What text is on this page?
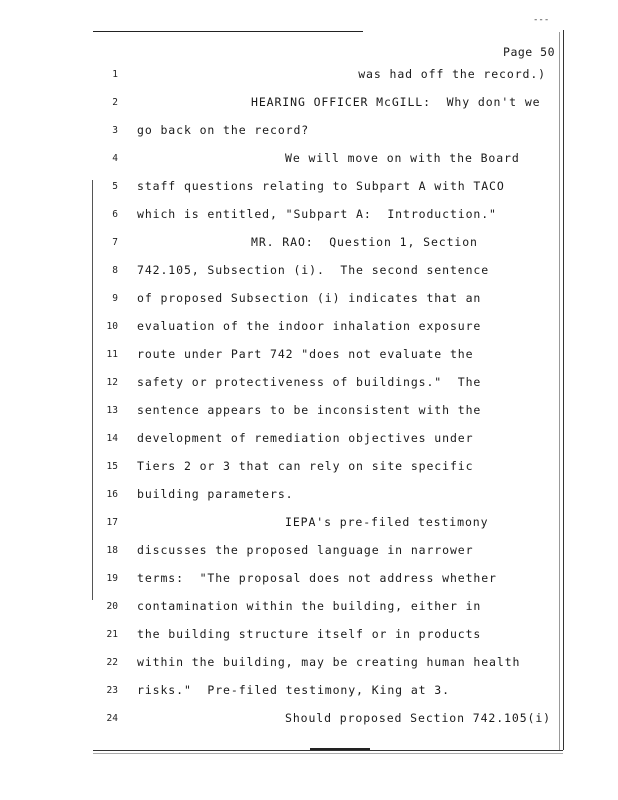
---
Page 50

1

	was had off the record.)

2

	HEARING OFFICER McGILL:  Why don't we

3

go back on the record?

4

	We will move on with the Board

5

staff questions relating to Subpart A with TACO

6

which is entitled, "Subpart A:  Introduction."

7

	MR. RAO:  Question 1, Section

8

742.105, Subsection (i).  The second sentence

9

of proposed Subsection (i) indicates that an

10

evaluation of the indoor inhalation exposure

11

route under Part 742 "does not evaluate the

12

safety or protectiveness of buildings."  The

13

sentence appears to be inconsistent with the

14

development of remediation objectives under

15

Tiers 2 or 3 that can rely on site specific

16

building parameters.

17

	IEPA's pre-filed testimony

18

discusses the proposed language in narrower

19

terms:  "The proposal does not address whether

20

contamination within the building, either in

21

the building structure itself or in products

22

within the building, may be creating human health

23

risks."  Pre-filed testimony, King at 3.

24

	Should proposed Section 742.105(i)
